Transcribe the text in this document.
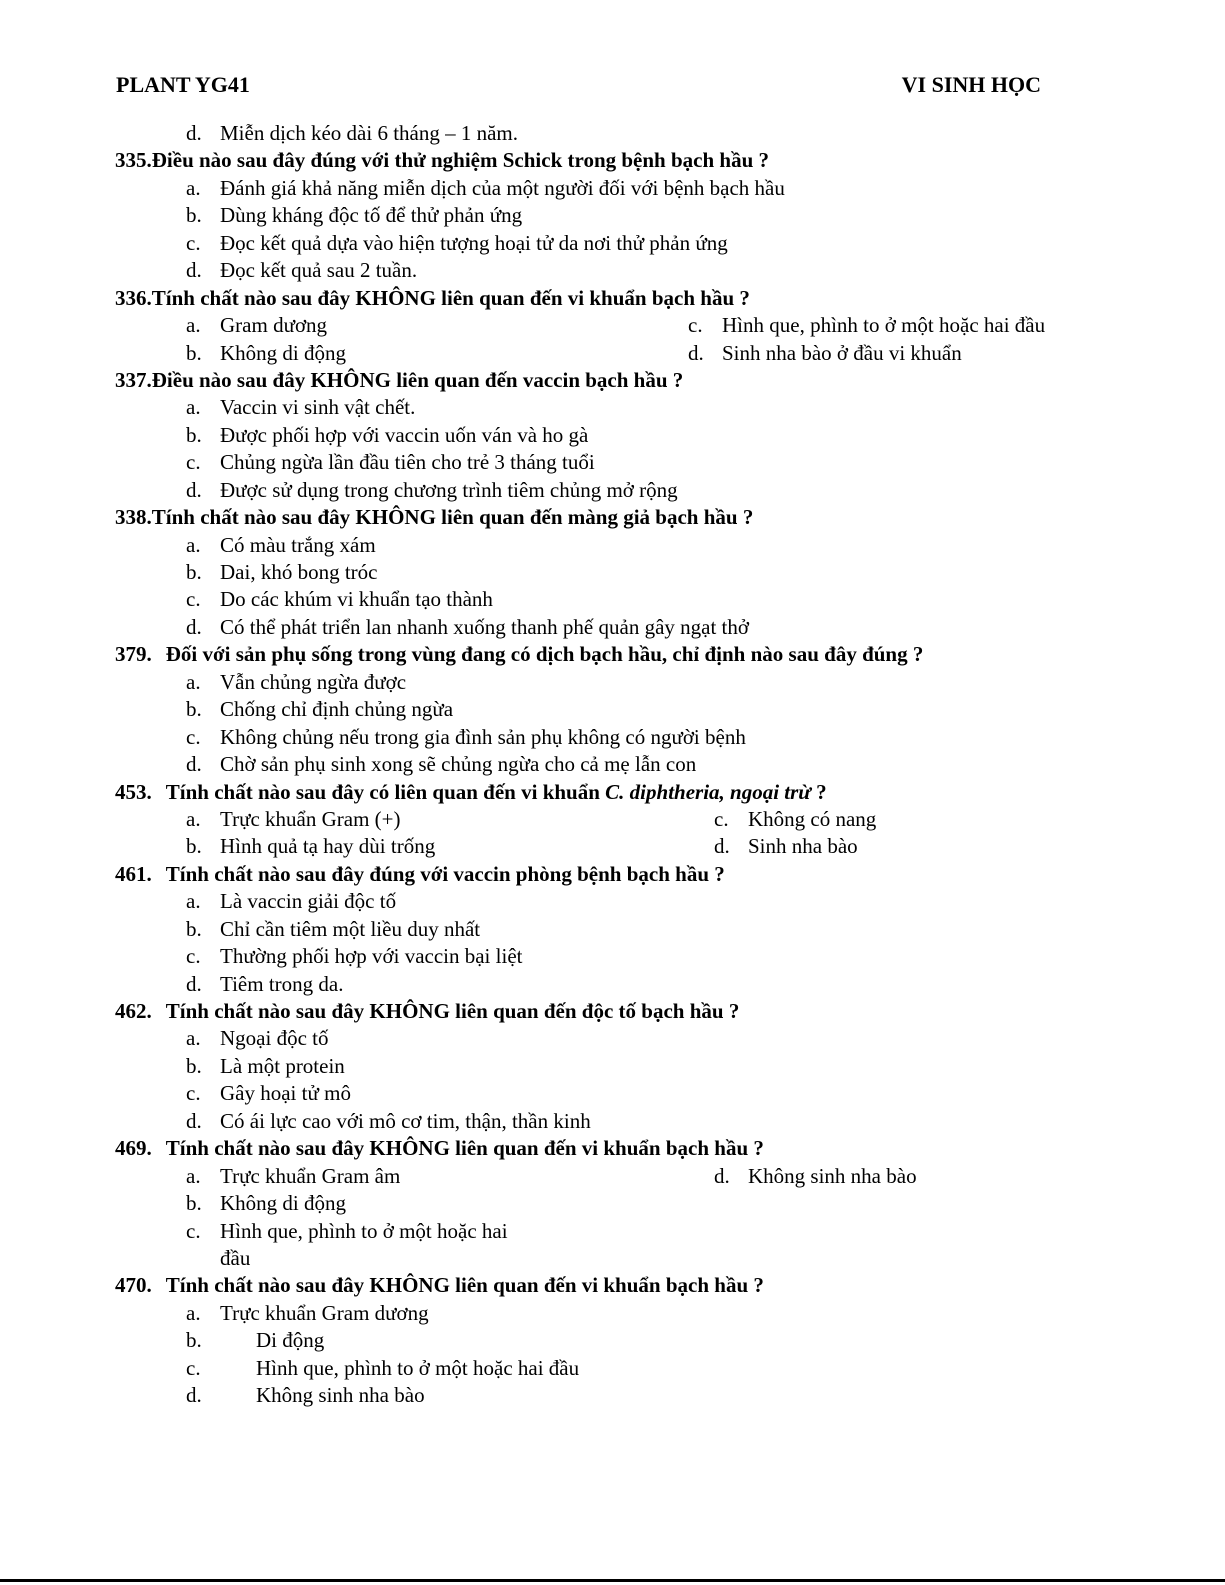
PLANT YG41	VI SINH HỌC
d. Miễn dịch kéo dài 6 tháng – 1 năm.
335.Điều nào sau đây đúng với thử nghiệm Schick trong bệnh bạch hầu ?
a. Đánh giá khả năng miễn dịch của một người đối với bệnh bạch hầu
b. Dùng kháng độc tố để thử phản ứng
c. Đọc kết quả dựa vào hiện tượng hoại tử da nơi thử phản ứng
d. Đọc kết quả sau 2 tuần.
336.Tính chất nào sau đây KHÔNG liên quan đến vi khuẩn bạch hầu ?
a. Gram dương	c. Hình que, phình to ở một hoặc hai đầu
b. Không di động	d. Sinh nha bào ở đầu vi khuẩn
337.Điều nào sau đây KHÔNG liên quan đến vaccin bạch hầu ?
a. Vaccin vi sinh vật chết.
b. Được phối hợp với vaccin uốn ván và ho gà
c. Chủng ngừa lần đầu tiên cho trẻ 3 tháng tuổi
d. Được sử dụng trong chương trình tiêm chủng mở rộng
338.Tính chất nào sau đây KHÔNG liên quan đến màng giả bạch hầu ?
a. Có màu trắng xám
b. Dai, khó bong tróc
c. Do các khúm vi khuẩn tạo thành
d. Có thể phát triển lan nhanh xuống thanh phế quản gây ngạt thở
379. Đối với sản phụ sống trong vùng đang có dịch bạch hầu, chỉ định nào sau đây đúng ?
a. Vẫn chủng ngừa được
b. Chống chỉ định chủng ngừa
c. Không chủng nếu trong gia đình sản phụ không có người bệnh
d. Chờ sản phụ sinh xong sẽ chủng ngừa cho cả mẹ lẫn con
453. Tính chất nào sau đây có liên quan đến vi khuẩn C. diphtheria, ngoại trừ ?
a. Trực khuẩn Gram (+)	c. Không có nang
b. Hình quả tạ hay dùi trống	d. Sinh nha bào
461. Tính chất nào sau đây đúng với vaccin phòng bệnh bạch hầu ?
a. Là vaccin giải độc tố
b. Chỉ cần tiêm một liều duy nhất
c. Thường phối hợp với vaccin bại liệt
d. Tiêm trong da.
462. Tính chất nào sau đây KHÔNG liên quan đến độc tố bạch hầu ?
a. Ngoại độc tố
b. Là một protein
c. Gây hoại tử mô
d. Có ái lực cao với mô cơ tim, thận, thần kinh
469. Tính chất nào sau đây KHÔNG liên quan đến vi khuẩn bạch hầu ?
a. Trực khuẩn Gram âm	d. Không sinh nha bào
b. Không di động
c. Hình que, phình to ở một hoặc hai
đầu
470. Tính chất nào sau đây KHÔNG liên quan đến vi khuẩn bạch hầu ?
a. Trực khuẩn Gram dương
b.	Di động
c.	Hình que, phình to ở một hoặc hai đầu
d.	Không sinh nha bào
